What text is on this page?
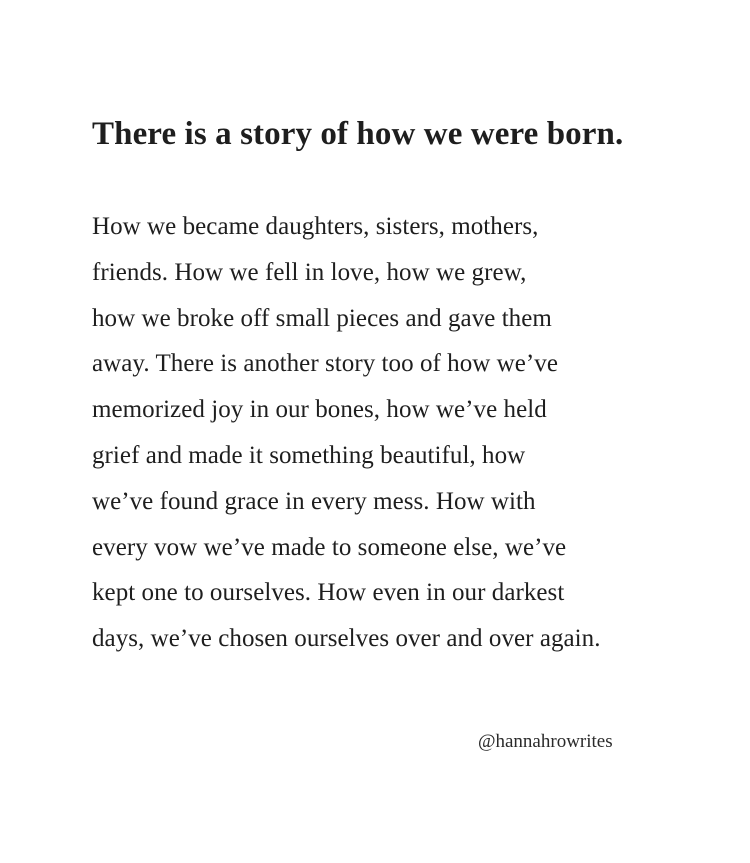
There is a story of how we were born.
How we became daughters, sisters, mothers,
friends. How we fell in love, how we grew,
how we broke off small pieces and gave them
away. There is another story too of how we’ve
memorized joy in our bones, how we’ve held
grief and made it something beautiful, how
we’ve found grace in every mess. How with
every vow we’ve made to someone else, we’ve
kept one to ourselves. How even in our darkest
days, we’ve chosen ourselves over and over again.
@hannahrowrites
